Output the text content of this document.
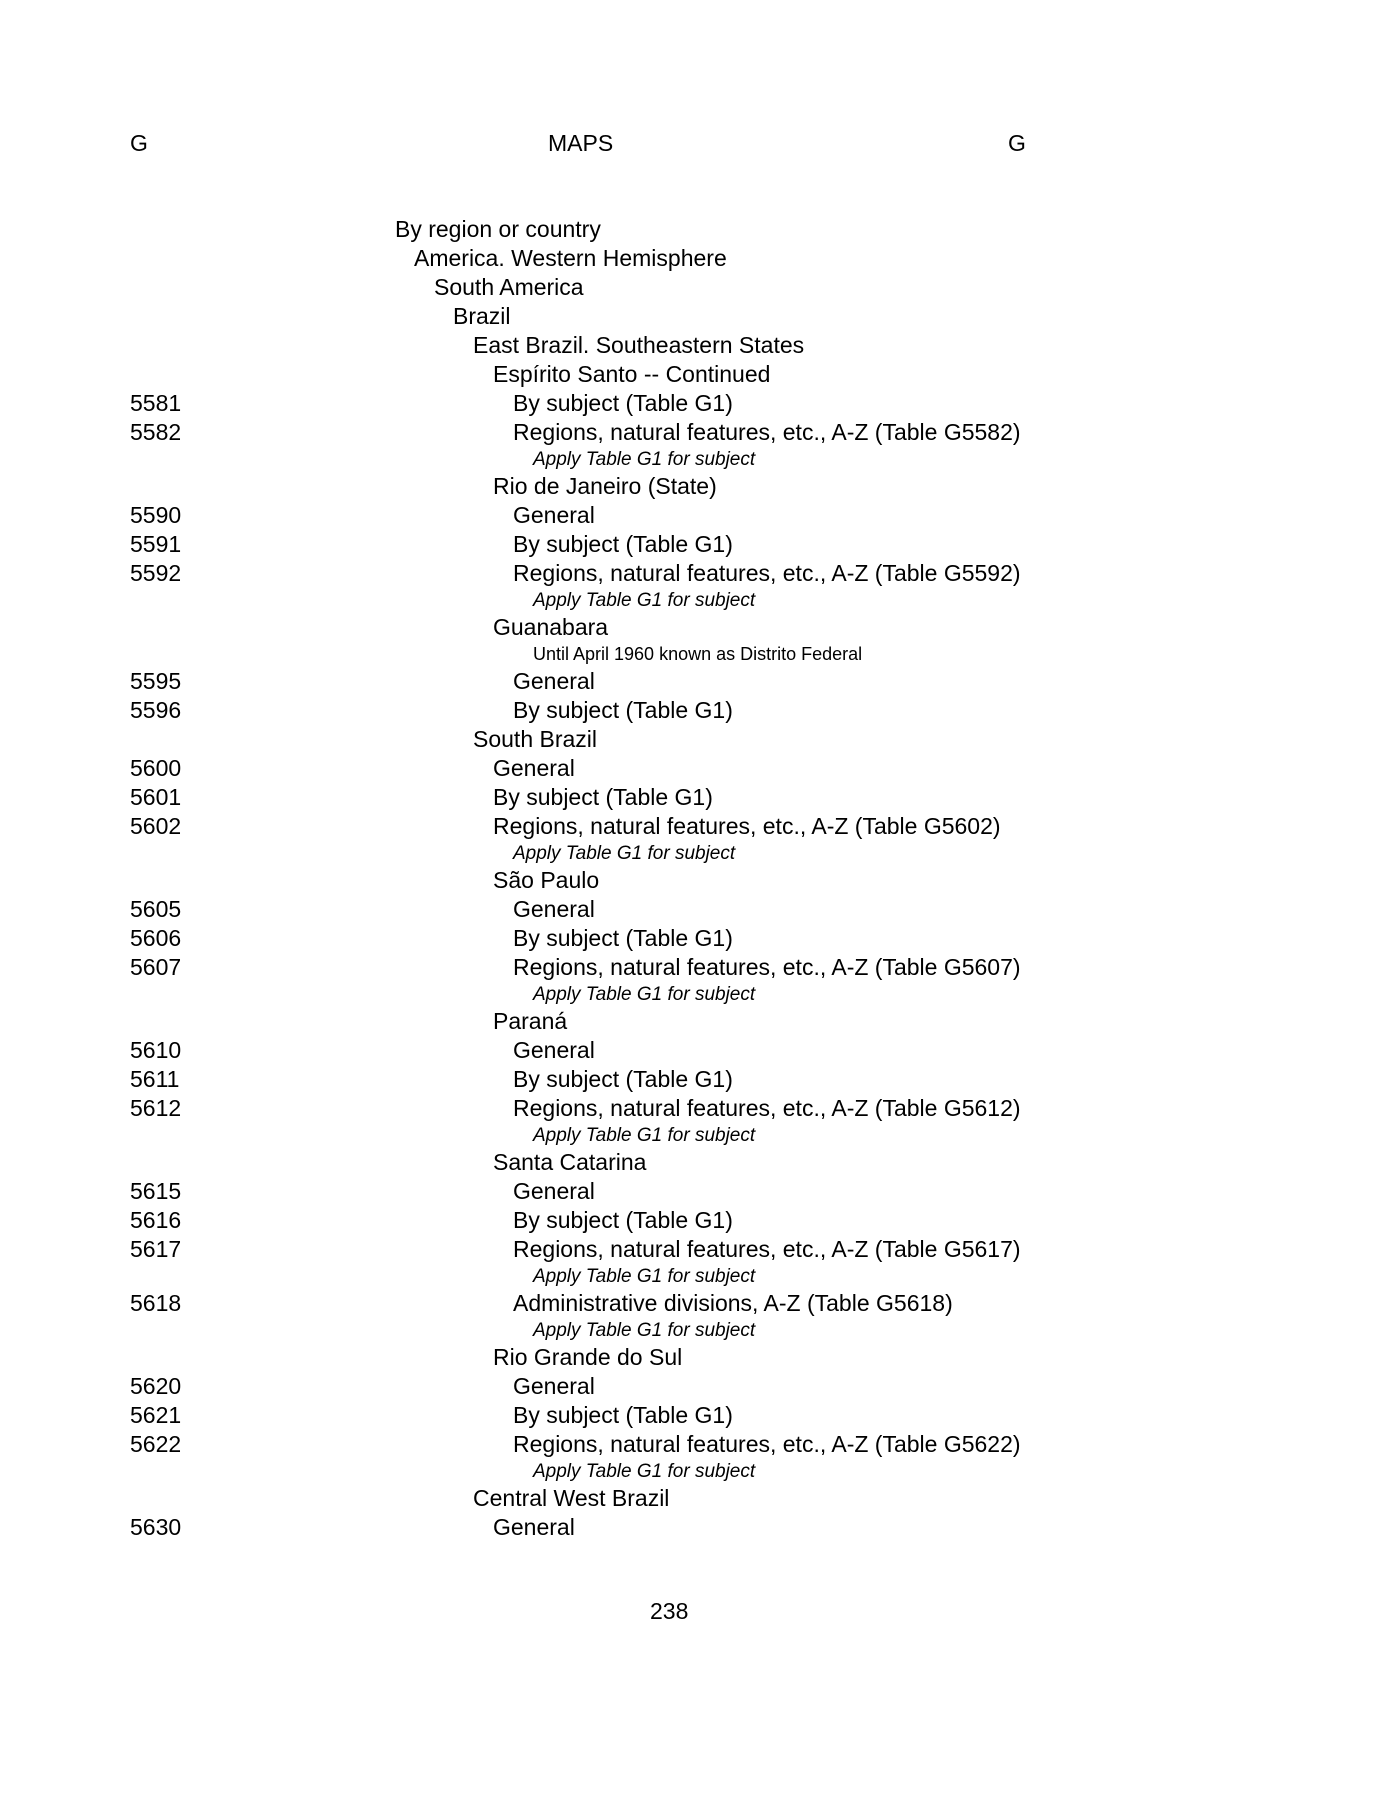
G	MAPS	G
By region or country
America. Western Hemisphere
South America
Brazil
East Brazil. Southeastern States
Espírito Santo -- Continued
5581	By subject (Table G1)
5582	Regions, natural features, etc., A-Z (Table G5582)
Apply Table G1 for subject
Rio de Janeiro (State)
5590	General
5591	By subject (Table G1)
5592	Regions, natural features, etc., A-Z (Table G5592)
Apply Table G1 for subject
Guanabara
Until April 1960 known as Distrito Federal
5595	General
5596	By subject (Table G1)
South Brazil
5600	General
5601	By subject (Table G1)
5602	Regions, natural features, etc., A-Z (Table G5602)
Apply Table G1 for subject
São Paulo
5605	General
5606	By subject (Table G1)
5607	Regions, natural features, etc., A-Z (Table G5607)
Apply Table G1 for subject
Paraná
5610	General
5611	By subject (Table G1)
5612	Regions, natural features, etc., A-Z (Table G5612)
Apply Table G1 for subject
Santa Catarina
5615	General
5616	By subject (Table G1)
5617	Regions, natural features, etc., A-Z (Table G5617)
Apply Table G1 for subject
5618	Administrative divisions, A-Z (Table G5618)
Apply Table G1 for subject
Rio Grande do Sul
5620	General
5621	By subject (Table G1)
5622	Regions, natural features, etc., A-Z (Table G5622)
Apply Table G1 for subject
Central West Brazil
5630	General
238
